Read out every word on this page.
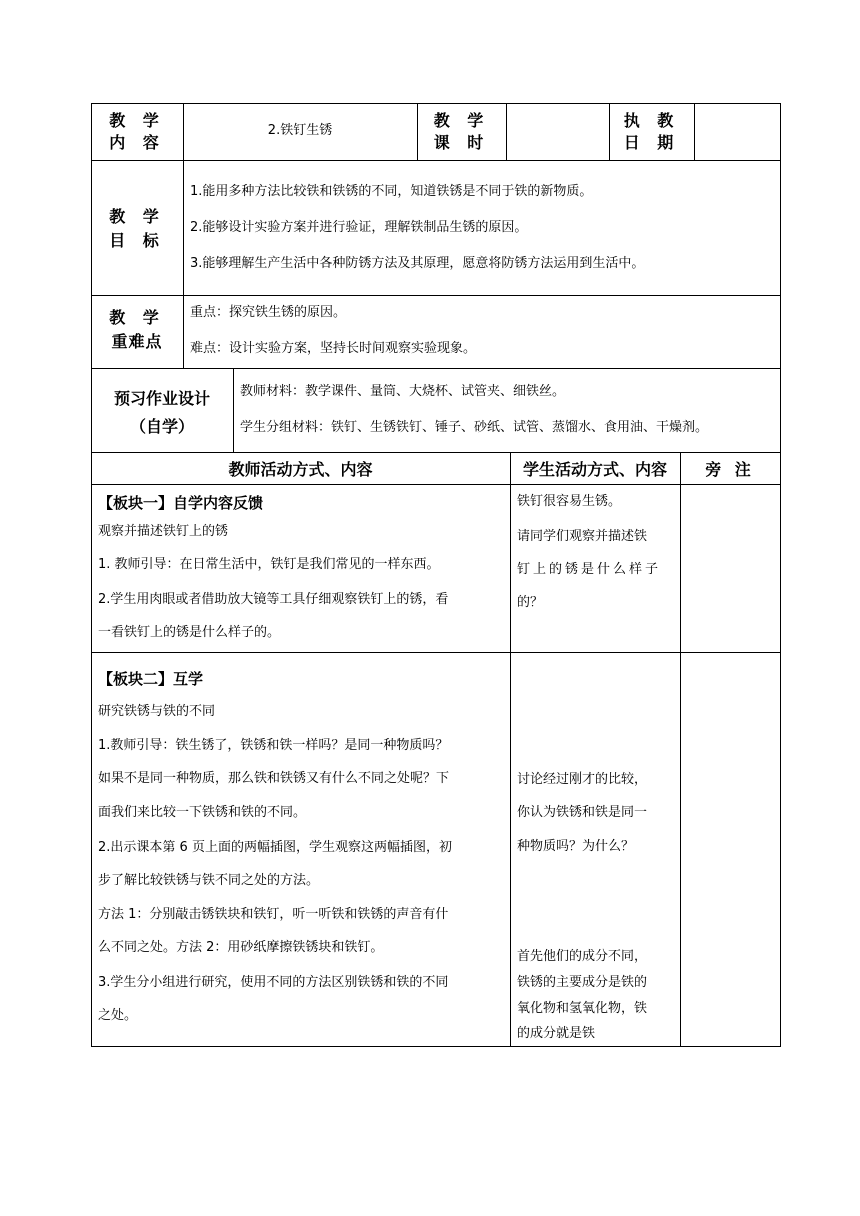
教 学
内 容
2.铁钉生锈
教 学
课 时
执 教
日 期
教 学
目 标
1.能用多种方法比较铁和铁锈的不同，知道铁锈是不同于铁的新物质。
2.能够设计实验方案并进行验证，理解铁制品生锈的原因。
3.能够理解生产生活中各种防锈方法及其原理，愿意将防锈方法运用到生活中。
教 学
重难点
重点：探究铁生锈的原因。
难点：设计实验方案，坚持长时间观察实验现象。
预习作业设计
（自学）
教师材料：教学课件、量筒、大烧杯、试管夹、细铁丝。
学生分组材料：铁钉、生锈铁钉、锤子、砂纸、试管、蒸馏水、食用油、干燥剂。
教师活动方式、内容	学生活动方式、内容	旁 注
【板块一】自学内容反馈
观察并描述铁钉上的锈
1. 教师引导：在日常生活中，铁钉是我们常见的一样东西。
2.学生用肉眼或者借助放大镜等工具仔细观察铁钉上的锈，看
一看铁钉上的锈是什么样子的。
铁钉很容易生锈。
请同学们观察并描述铁
钉上的锈是什么样子
的？
【板块二】互学
研究铁锈与铁的不同
1.教师引导：铁生锈了，铁锈和铁一样吗？是同一种物质吗？
如果不是同一种物质，那么铁和铁锈又有什么不同之处呢？下
面我们来比较一下铁锈和铁的不同。
2.出示课本第 6 页上面的两幅插图，学生观察这两幅插图，初
步了解比较铁锈与铁不同之处的方法。
方法 1：分别敲击锈铁块和铁钉，听一听铁和铁锈的声音有什
么不同之处。方法 2：用砂纸摩擦铁锈块和铁钉。
3.学生分小组进行研究，使用不同的方法区别铁锈和铁的不同
之处。
讨论经过刚才的比较，
你认为铁锈和铁是同一
种物质吗？为什么？
首先他们的成分不同，
铁锈的主要成分是铁的
氧化物和氢氧化物，铁
的成分就是铁
